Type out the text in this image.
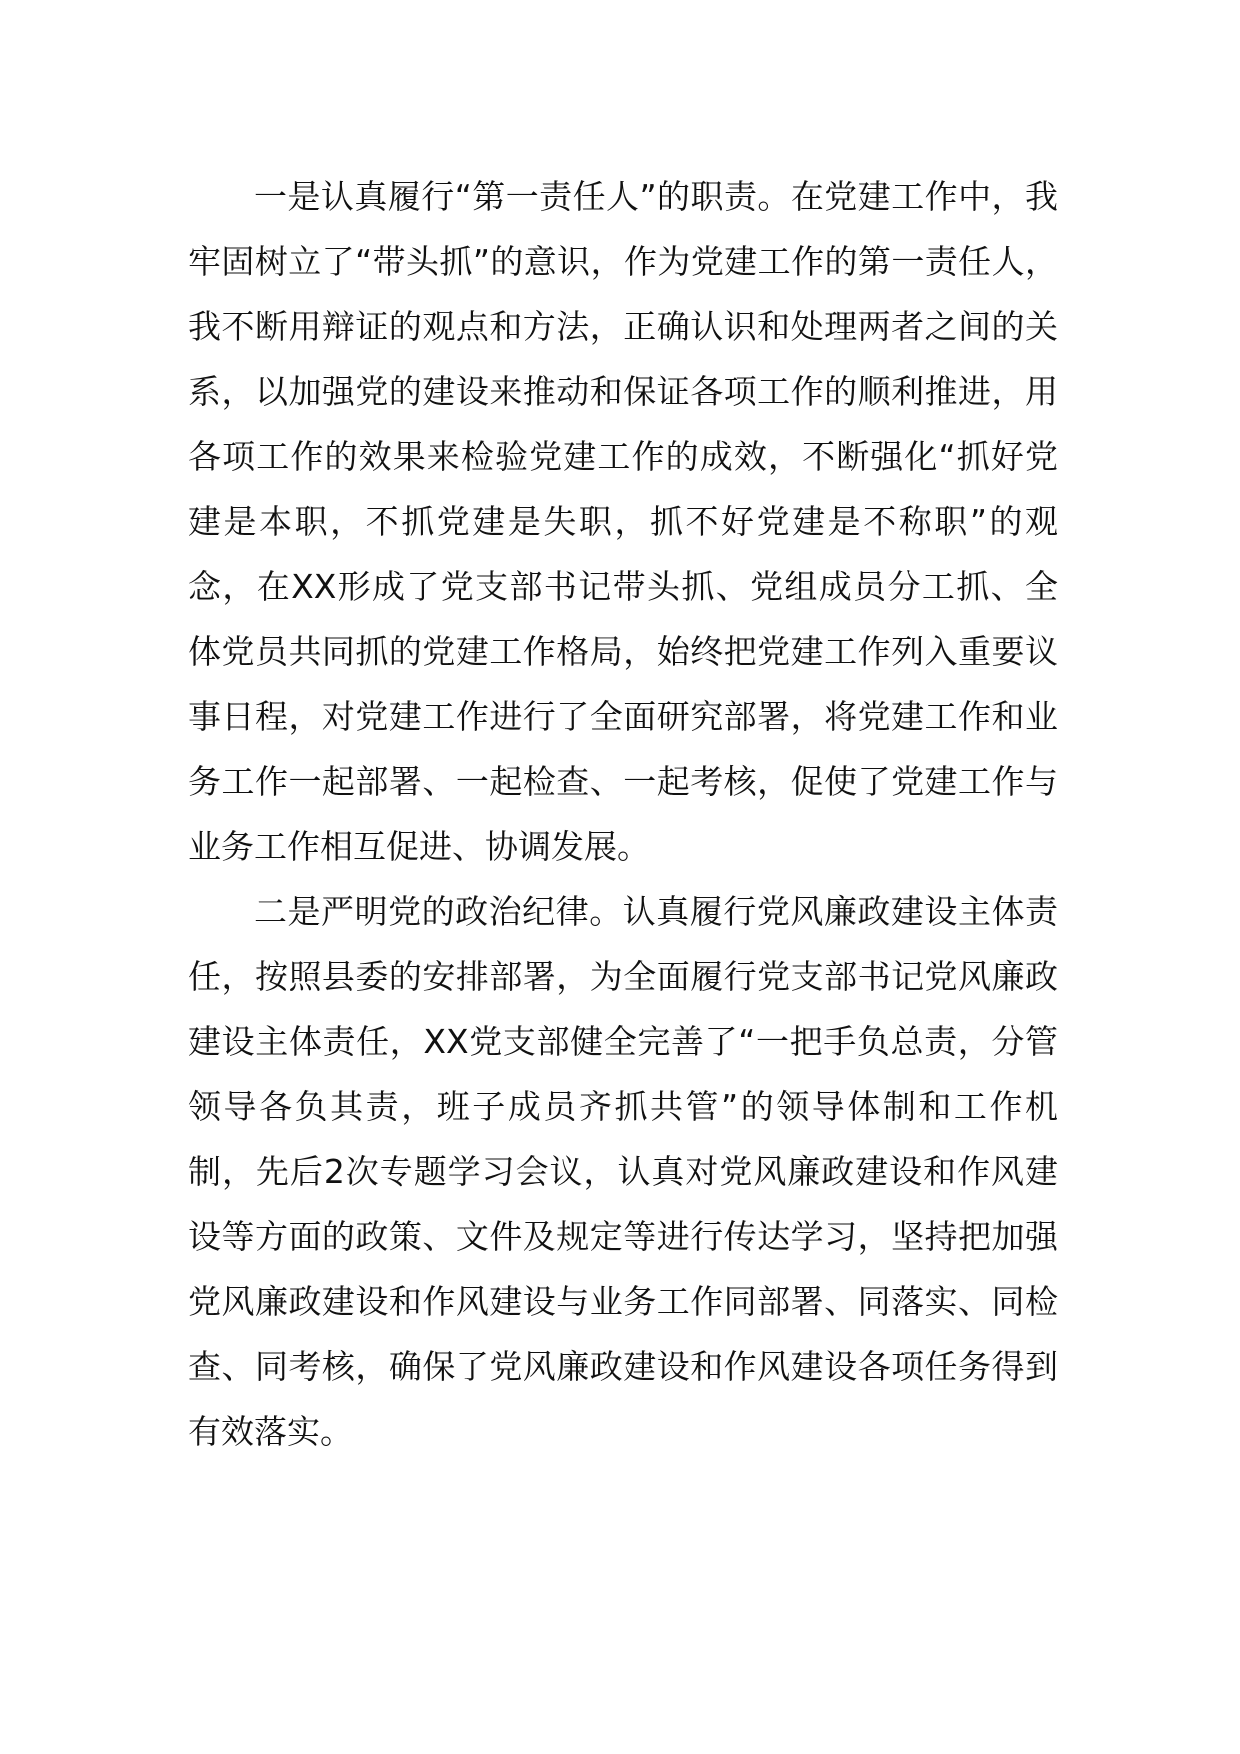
一是认真履行“第一责任人”的职责。在党建工作中，我牢固树立了“带头抓”的意识，作为党建工作的第一责任人，我不断用辩证的观点和方法，正确认识和处理两者之间的关系，以加强党的建设来推动和保证各项工作的顺利推进，用各项工作的效果来检验党建工作的成效，不断强化“抓好党建是本职，不抓党建是失职，抓不好党建是不称职”的观念，在XX形成了党支部书记带头抓、党组成员分工抓、全体党员共同抓的党建工作格局，始终把党建工作列入重要议事日程，对党建工作进行了全面研究部署，将党建工作和业务工作一起部署、一起检查、一起考核，促使了党建工作与业务工作相互促进、协调发展。

二是严明党的政治纪律。认真履行党风廉政建设主体责任，按照县委的安排部署，为全面履行党支部书记党风廉政建设主体责任，XX党支部健全完善了“一把手负总责，分管领导各负其责，班子成员齐抓共管”的领导体制和工作机制，先后2次专题学习会议，认真对党风廉政建设和作风建设等方面的政策、文件及规定等进行传达学习，坚持把加强党风廉政建设和作风建设与业务工作同部署、同落实、同检查、同考核，确保了党风廉政建设和作风建设各项任务得到有效落实。
